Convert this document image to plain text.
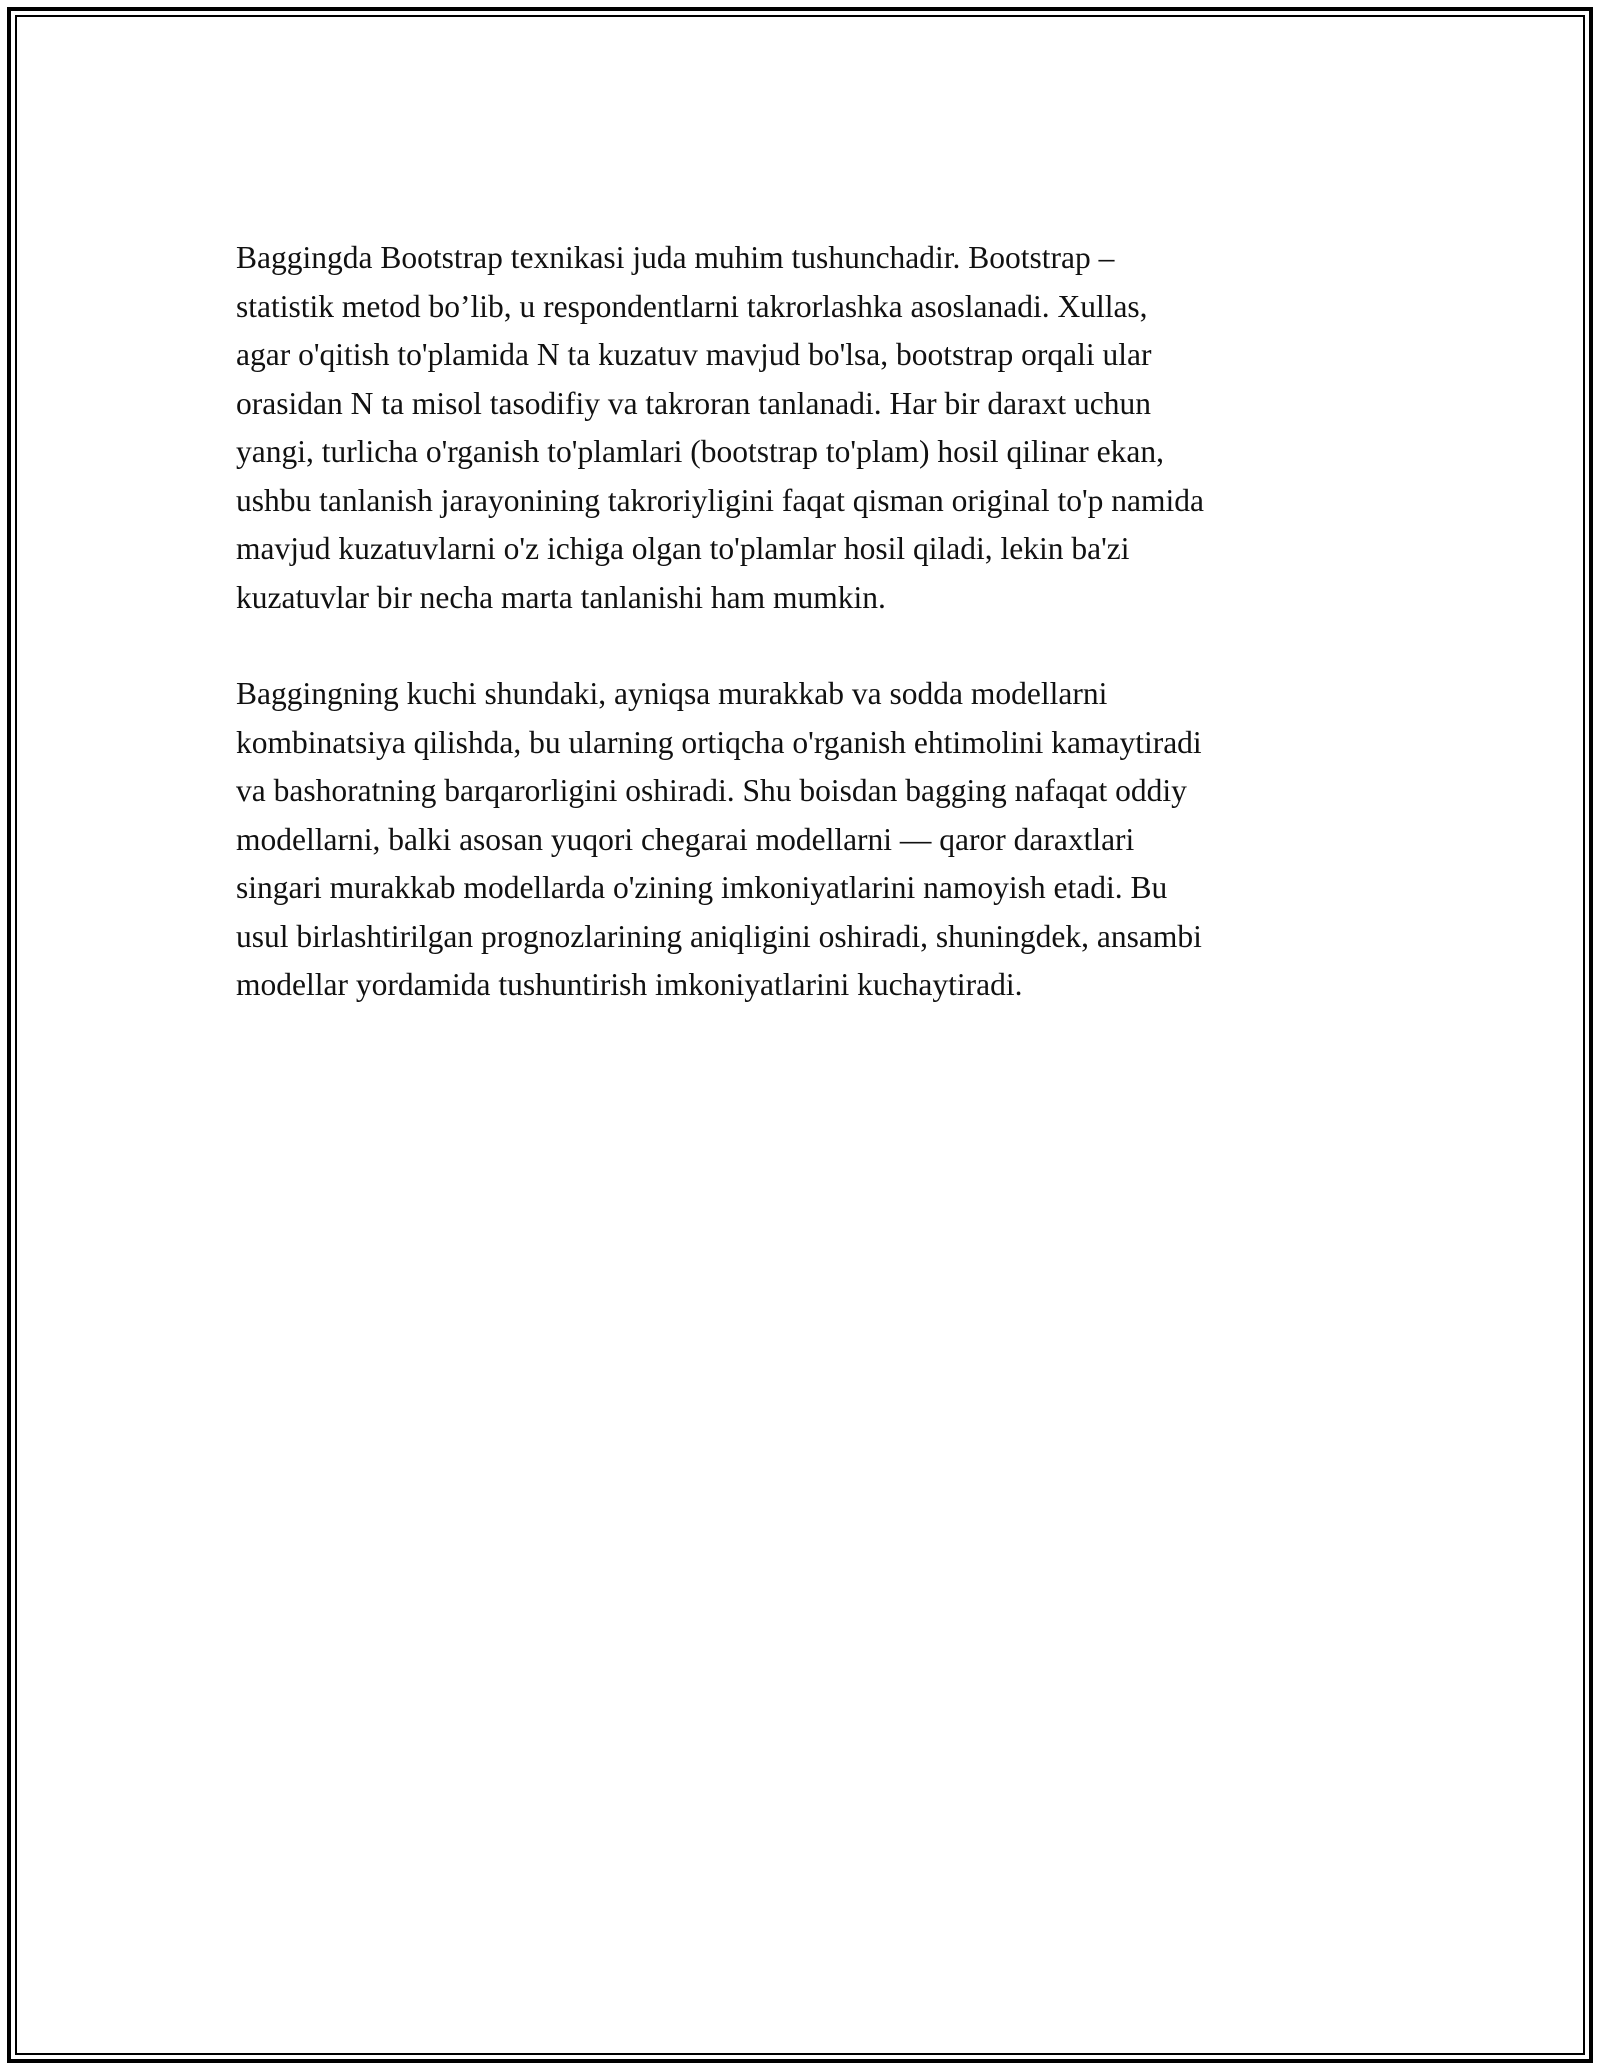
Baggingda Bootstrap texnikasi juda muhim tushunchadir. Bootstrap –
statistik metod bo’lib, u respondentlarni takrorlashka asoslanadi. Xullas,
agar o'qitish to'plamida N ta kuzatuv mavjud bo'lsa, bootstrap orqali ular
orasidan N ta misol tasodifiy va takroran tanlanadi. Har bir daraxt uchun
yangi, turlicha o'rganish to'plamlari (bootstrap to'plam) hosil qilinar ekan,
ushbu tanlanish jarayonining takroriyligini faqat qisman original to'p namida
mavjud kuzatuvlarni o'z ichiga olgan to'plamlar hosil qiladi, lekin ba'zi
kuzatuvlar bir necha marta tanlanishi ham mumkin.

Baggingning kuchi shundaki, ayniqsa murakkab va sodda modellarni
kombinatsiya qilishda, bu ularning ortiqcha o'rganish ehtimolini kamaytiradi
va bashoratning barqarorligini oshiradi. Shu boisdan bagging nafaqat oddiy
modellarni, balki asosan yuqori chegarai modellarni — qaror daraxtlari
singari murakkab modellarda o'zining imkoniyatlarini namoyish etadi. Bu
usul birlashtirilgan prognozlarining aniqligini oshiradi, shuningdek, ansambi
modellar yordamida tushuntirish imkoniyatlarini kuchaytiradi.
